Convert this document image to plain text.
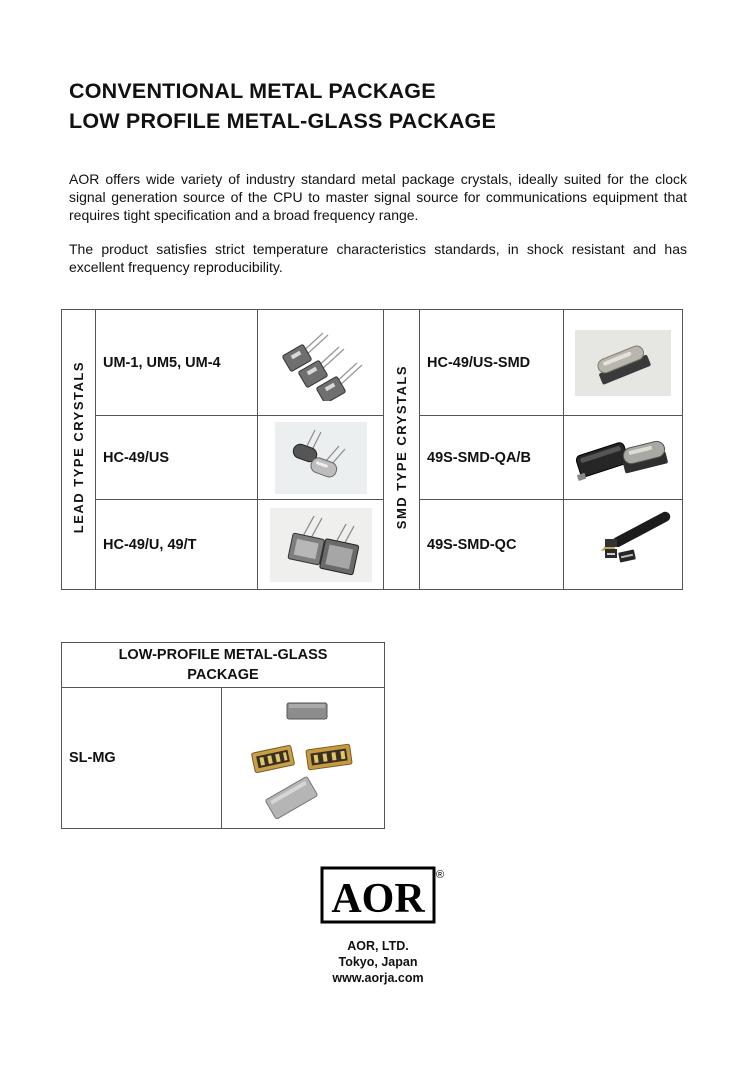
CONVENTIONAL METAL PACKAGE
LOW PROFILE METAL-GLASS PACKAGE

AOR offers wide variety of industry standard metal package crystals, ideally suited for the clock signal generation source of the CPU to master signal source for communications equipment that requires tight specification and a broad frequency range.

The product satisfies strict temperature characteristics standards, in shock resistant and has excellent frequency reproducibility.

LEAD TYPE CRYSTALS	UM-1, UM5, UM-4		SMD TYPE CRYSTALS	HC-49/US-SMD	

	HC-49/US			49S-SMD-QA/B	

	HC-49/U, 49/T			49S-SMD-QC	
LOW-PROFILE METAL-GLASS PACKAGE
SL-MG	
AOR
®
AOR, LTD.
Tokyo, Japan
www.aorja.com
